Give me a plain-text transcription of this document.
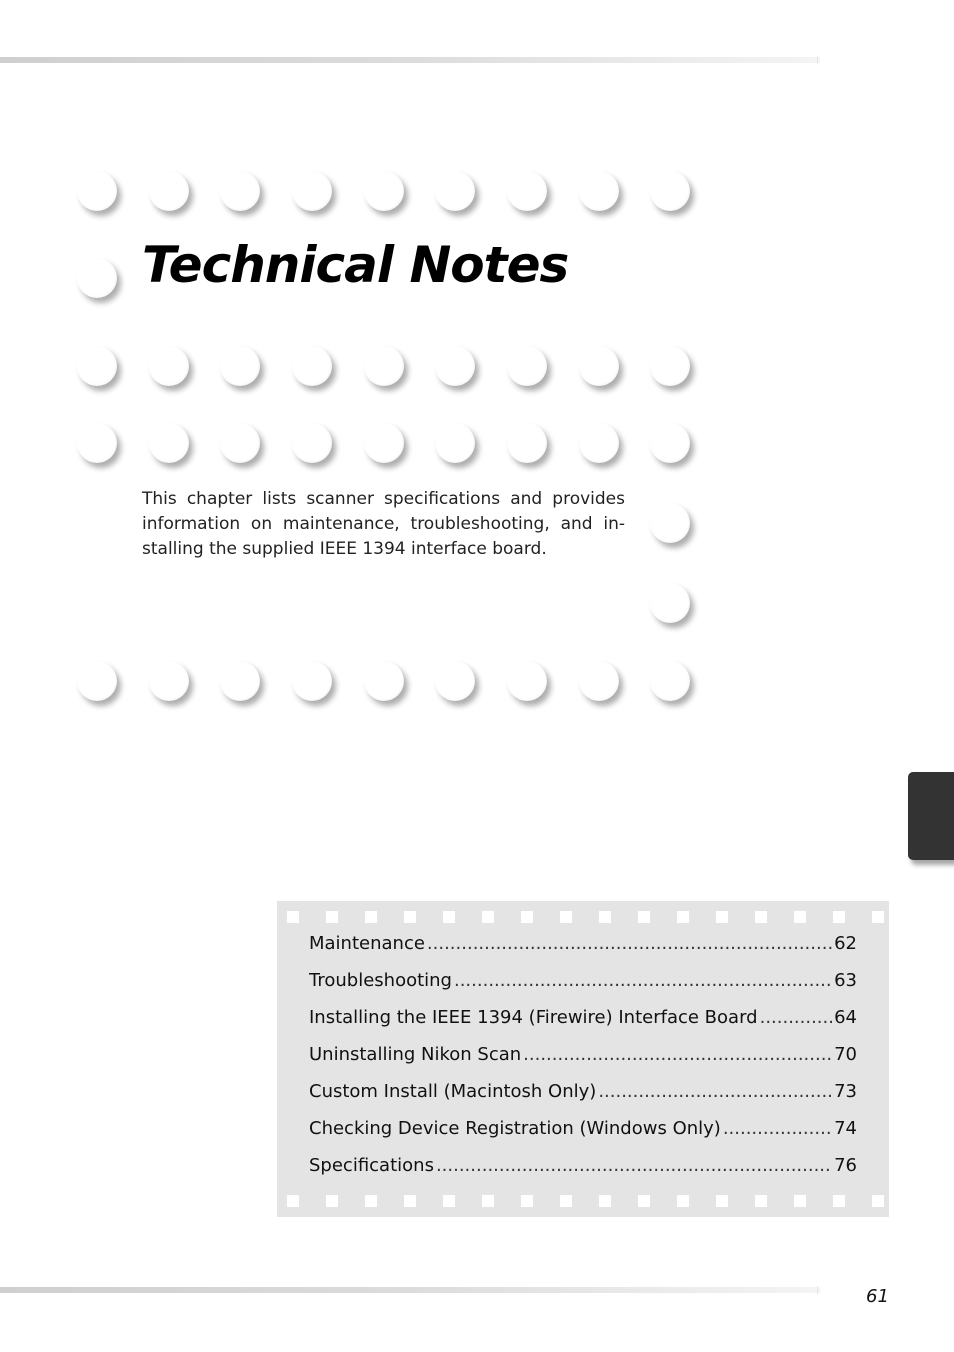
Technical Notes

This chapter lists scanner specifications and provides information on maintenance, troubleshooting, and in-stalling the supplied IEEE 1394 interface board.

Maintenance .....	62
Troubleshooting .....	63
Installing the IEEE 1394 (Firewire) Interface Board .....	64
Uninstalling Nikon Scan .....	70
Custom Install (Macintosh Only) .....	73
Checking Device Registration (Windows Only) .....	74
Specifications .....	76
61
